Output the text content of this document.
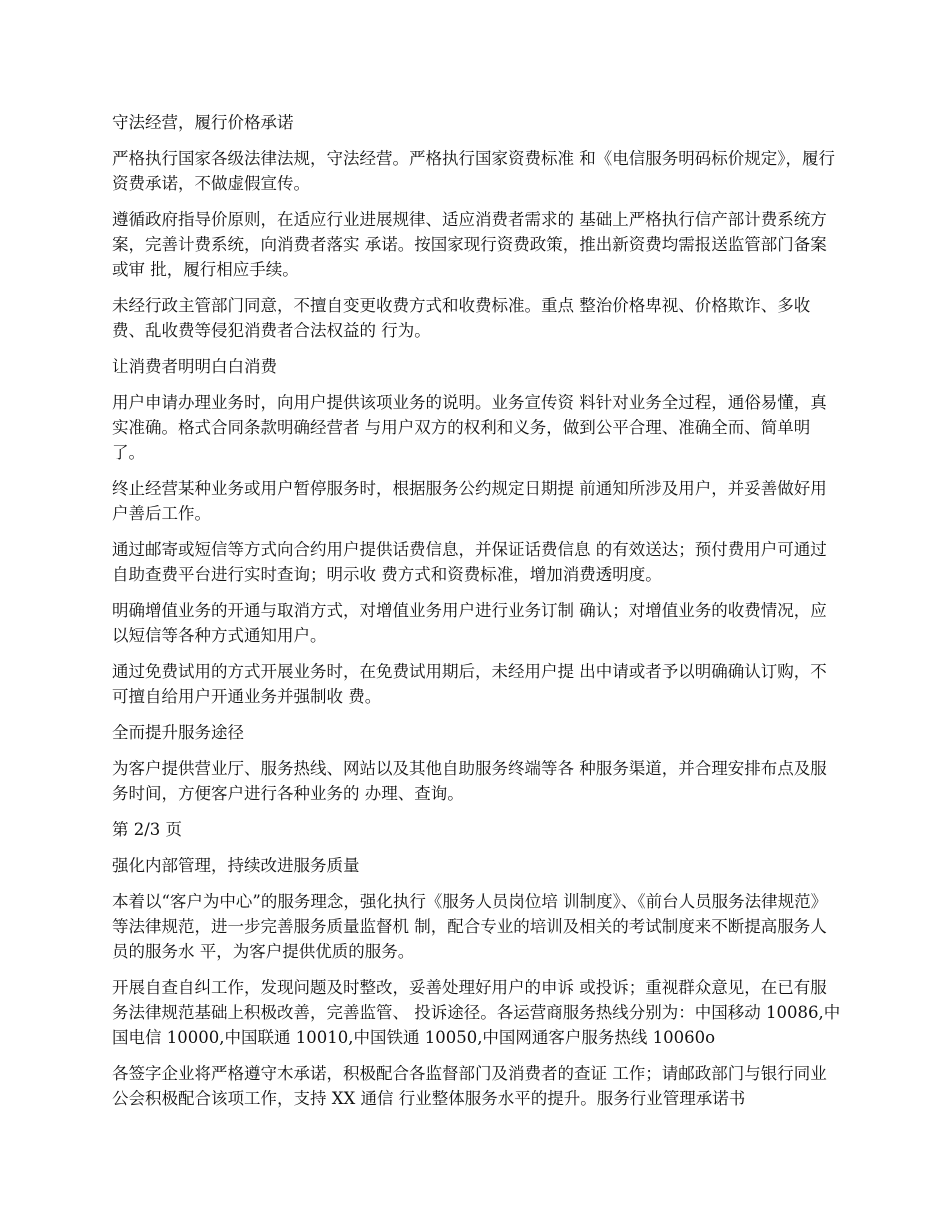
守法经营，履行价格承诺

严格执行国家各级法律法规，守法经营。严格执行国家资费标准 和《电信服务明码标价规定》，履行资费承诺，不做虚假宣传。

遵循政府指导价原则，在适应行业进展规律、适应消费者需求的 基础上严格执行信产部计费系统方案，完善计费系统，向消费者落实 承诺。按国家现行资费政策，推出新资费均需报送监管部门备案或审 批，履行相应手续。

未经行政主管部门同意，不擅自变更收费方式和收费标准。重点 整治价格卑视、价格欺诈、多收费、乱收费等侵犯消费者合法权益的 行为。

让消费者明明白白消费

用户申请办理业务时，向用户提供该项业务的说明。业务宣传资 料针对业务全过程，通俗易懂，真实准确。格式合同条款明确经营者 与用户双方的权利和义务，做到公平合理、准确全而、简单明了。

终止经营某种业务或用户暂停服务时，根据服务公约规定日期提 前通知所涉及用户，并妥善做好用户善后工作。

通过邮寄或短信等方式向合约用户提供话费信息，并保证话费信息 的有效送达；预付费用户可通过自助查费平台进行实时查询；明示收 费方式和资费标准，增加消费透明度。

明确增值业务的开通与取消方式，对增值业务用户进行业务订制 确认；对增值业务的收费情况，应以短信等各种方式通知用户。

通过免费试用的方式开展业务时，在免费试用期后，未经用户提 出中请或者予以明确确认订购，不可擅自给用户开通业务并强制收 费。

全而提升服务途径

为客户提供营业厅、服务热线、网站以及其他自助服务终端等各 种服务渠道，并合理安排布点及服务时间，方便客户进行各种业务的 办理、查询。

第 2/3 页

强化内部管理，持续改进服务质量

本着以“客户为中心”的服务理念，强化执行《服务人员岗位培 训制度》、《前台人员服务法律规范》等法律规范，进一步完善服务质量监督机 制，配合专业的培训及相关的考试制度来不断提高服务人员的服务水 平，为客户提供优质的服务。

开展自查自纠工作，发现问题及时整改，妥善处理好用户的申诉 或投诉；重视群众意见，在已有服务法律规范基础上积极改善，完善监管、 投诉途径。各运营商服务热线分别为：中国移动 10086,中国电信 10000,中国联通 10010,中国铁通 10050,中国网通客户服务热线 10060o

各签字企业将严格遵守木承诺，积极配合各监督部门及消费者的查证 工作；请邮政部门与银行同业公会积极配合该项工作，支持 XX 通信 行业整体服务水平的提升。服务行业管理承诺书
